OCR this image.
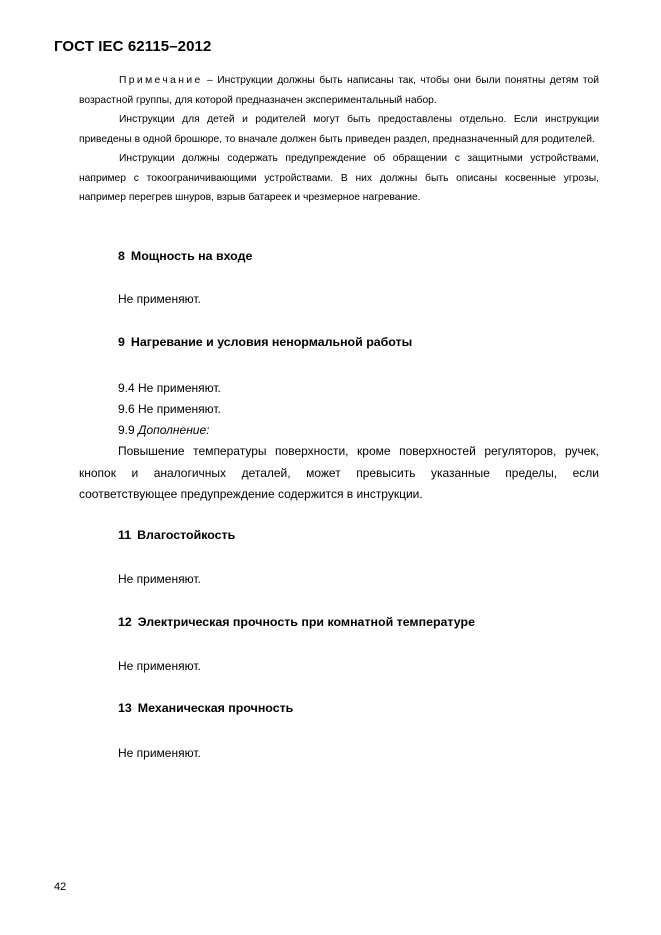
ГОСТ IEC 62115–2012

Примечание – Инструкции должны быть написаны так, чтобы они были понятны детям той возрастной группы, для которой предназначен экспериментальный набор.

Инструкции для детей и родителей могут быть предоставлены отдельно. Если инструкции приведены в одной брошюре, то вначале должен быть приведен раздел, предназначенный для родителей.

Инструкции должны содержать предупреждение об обращении с защитными устройствами, например с токоограничивающими устройствами. В них должны быть описаны косвенные угрозы, например перегрев шнуров, взрыв батареек и чрезмерное нагревание.

8 Мощность на входе
Не применяют.
9 Нагревание и условия ненормальной работы
9.4 Не применяют.
9.6 Не применяют.
9.9 Дополнение:

Повышение температуры поверхности, кроме поверхностей регуляторов, ручек, кнопок и аналогичных деталей, может превысить указанные пределы, если соответствующее предупреждение содержится в инструкции.

11 Влагостойкость
Не применяют.
12 Электрическая прочность при комнатной температуре
Не применяют.
13 Механическая прочность
Не применяют.
42
